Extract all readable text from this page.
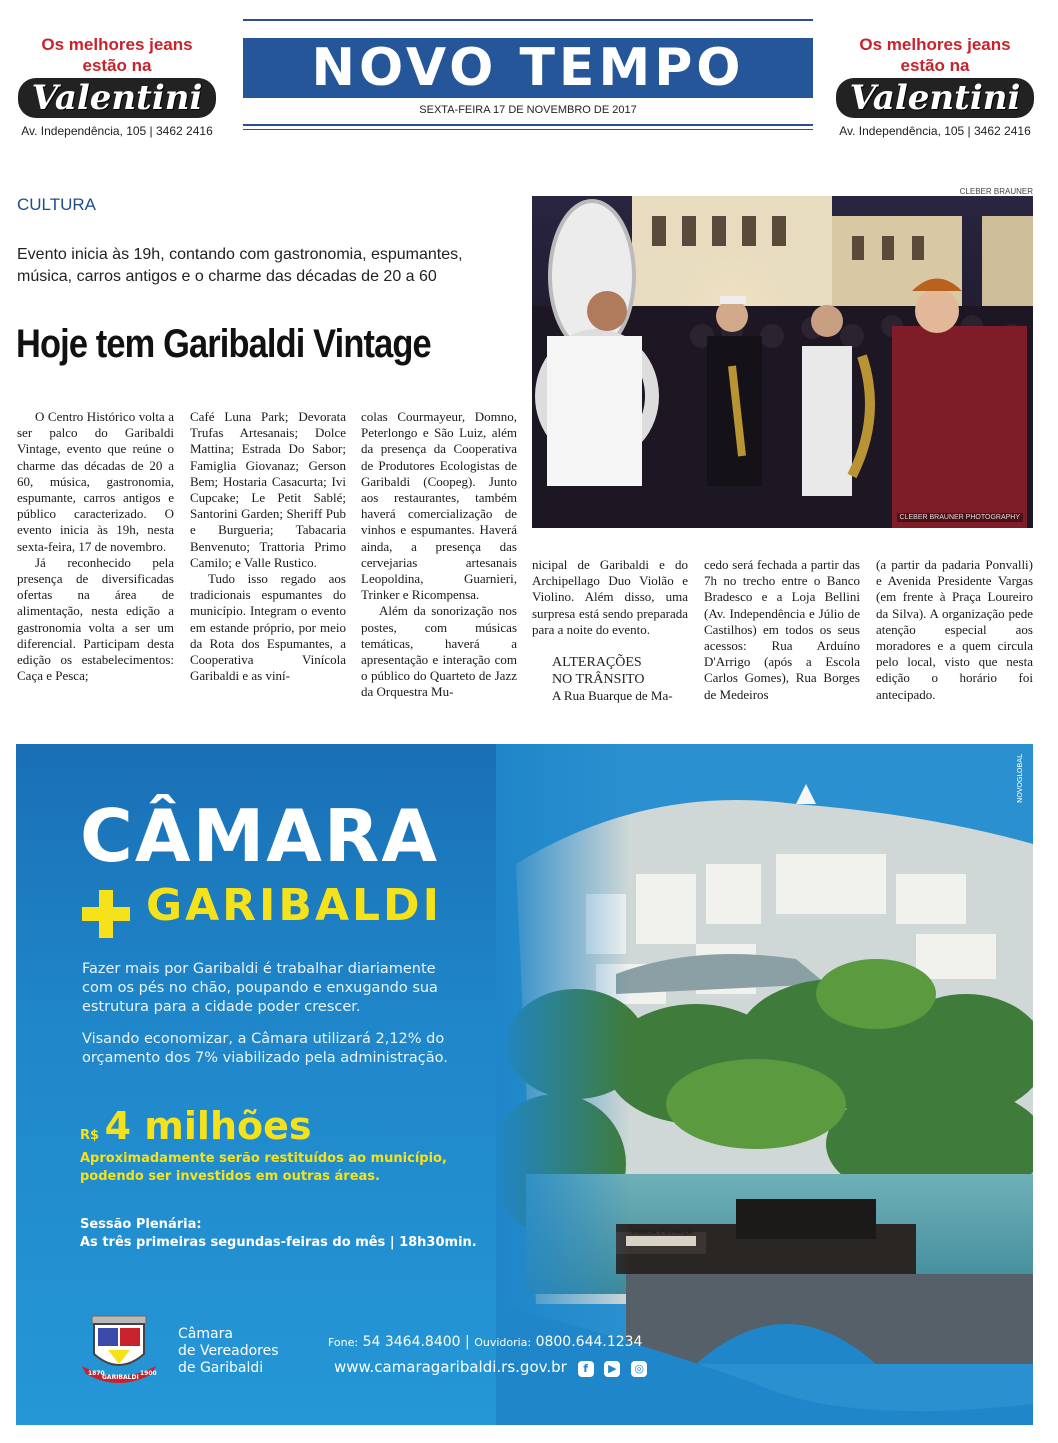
Os melhores jeans
estão na
Valentini
Av. Independência, 105 | 3462 2416
NOVO TEMPO
SEXTA-FEIRA 17 DE NOVEMBRO DE 2017
Os melhores jeans
estão na
Valentini
Av. Independência, 105 | 3462 2416
CULTURA
Evento inicia às 19h, contando com gastronomia, espumantes, música, carros antigos e o charme das décadas de 20 a 60
Hoje tem Garibaldi Vintage
CLEBER BRAUNER
CLEBER BRAUNER PHOTOGRAPHY

O Centro Histórico volta a ser palco do Garibaldi Vintage, evento que reúne o charme das décadas de 20 a 60, música, gastronomia, espumante, carros antigos e público caracterizado. O evento inicia às 19h, nesta sexta-feira, 17 de novembro.

Já reconhecido pela presença de diversificadas ofertas na área de alimentação, nesta edição a gastronomia volta a ser um diferencial. Participam desta edição os estabelecimentos: Caça e Pesca;

Café Luna Park; Devorata Trufas Artesanais; Dolce Mattina; Estrada Do Sabor; Famiglia Giovanaz; Gerson Bem; Hostaria Casacurta; Ivi Cupcake; Le Petit Sablé; Santorini Garden; Sheriff Pub e Burgueria; Tabacaria Benvenuto; Trattoria Primo Camilo; e Valle Rustico.

Tudo isso regado aos tradicionais espumantes do município. Integram o evento em estande próprio, por meio da Rota dos Espumantes, a Cooperativa Vinícola Garibaldi e as viní-

colas Courmayeur, Domno, Peterlongo e São Luiz, além da presença da Cooperativa de Produtores Ecologistas de Garibaldi (Coopeg). Junto aos restaurantes, também haverá comercialização de vinhos e espumantes. Haverá ainda, a presença das cervejarias artesanais Leopoldina, Guarnieri, Trinker e Ricompensa.

Além da sonorização nos postes, com músicas temáticas, haverá a apresentação e interação com o público do Quarteto de Jazz da Orquestra Mu-

nicipal de Garibaldi e do Archipellago Duo Violão e Violino. Além disso, uma surpresa está sendo preparada para a noite do evento.

ALTERAÇÕES
NO TRÂNSITO

A Rua Buarque de Ma-

cedo será fechada a partir das 7h no trecho entre o Banco Bradesco e a Loja Bellini (Av. Independência e Júlio de Castilhos) em todos os seus acessos: Rua Arduíno D'Arrigo (após a Escola Carlos Gomes), Rua Borges de Medeiros

(a partir da padaria Ponvalli) e Avenida Presidente Vargas (em frente à Praça Loureiro da Silva). A organização pede atenção especial aos moradores e a quem circula pelo local, visto que nesta edição o horário foi antecipado.

MARIA FUMAÇA
NOVOGLOBAL
CÂMARA
GARIBALDI
Fazer mais por Garibaldi é trabalhar diariamente com os pés no chão, poupando e enxugando sua estrutura para a cidade poder crescer.
Visando economizar, a Câmara utilizará 2,12% do orçamento dos 7% viabilizado pela administração.
R$ 4 milhões
Aproximadamente serão restituídos ao município,
podendo ser investidos em outras áreas.
Sessão Plenária:
As três primeiras segundas-feiras do mês | 18h30min.
1870
GARIBALDI
1900
Câmara
de Vereadores
de Garibaldi
Fone: 54 3464.8400 | Ouvidoria: 0800.644.1234
www.camaragaribaldi.rs.gov.br f ▶ ◎
